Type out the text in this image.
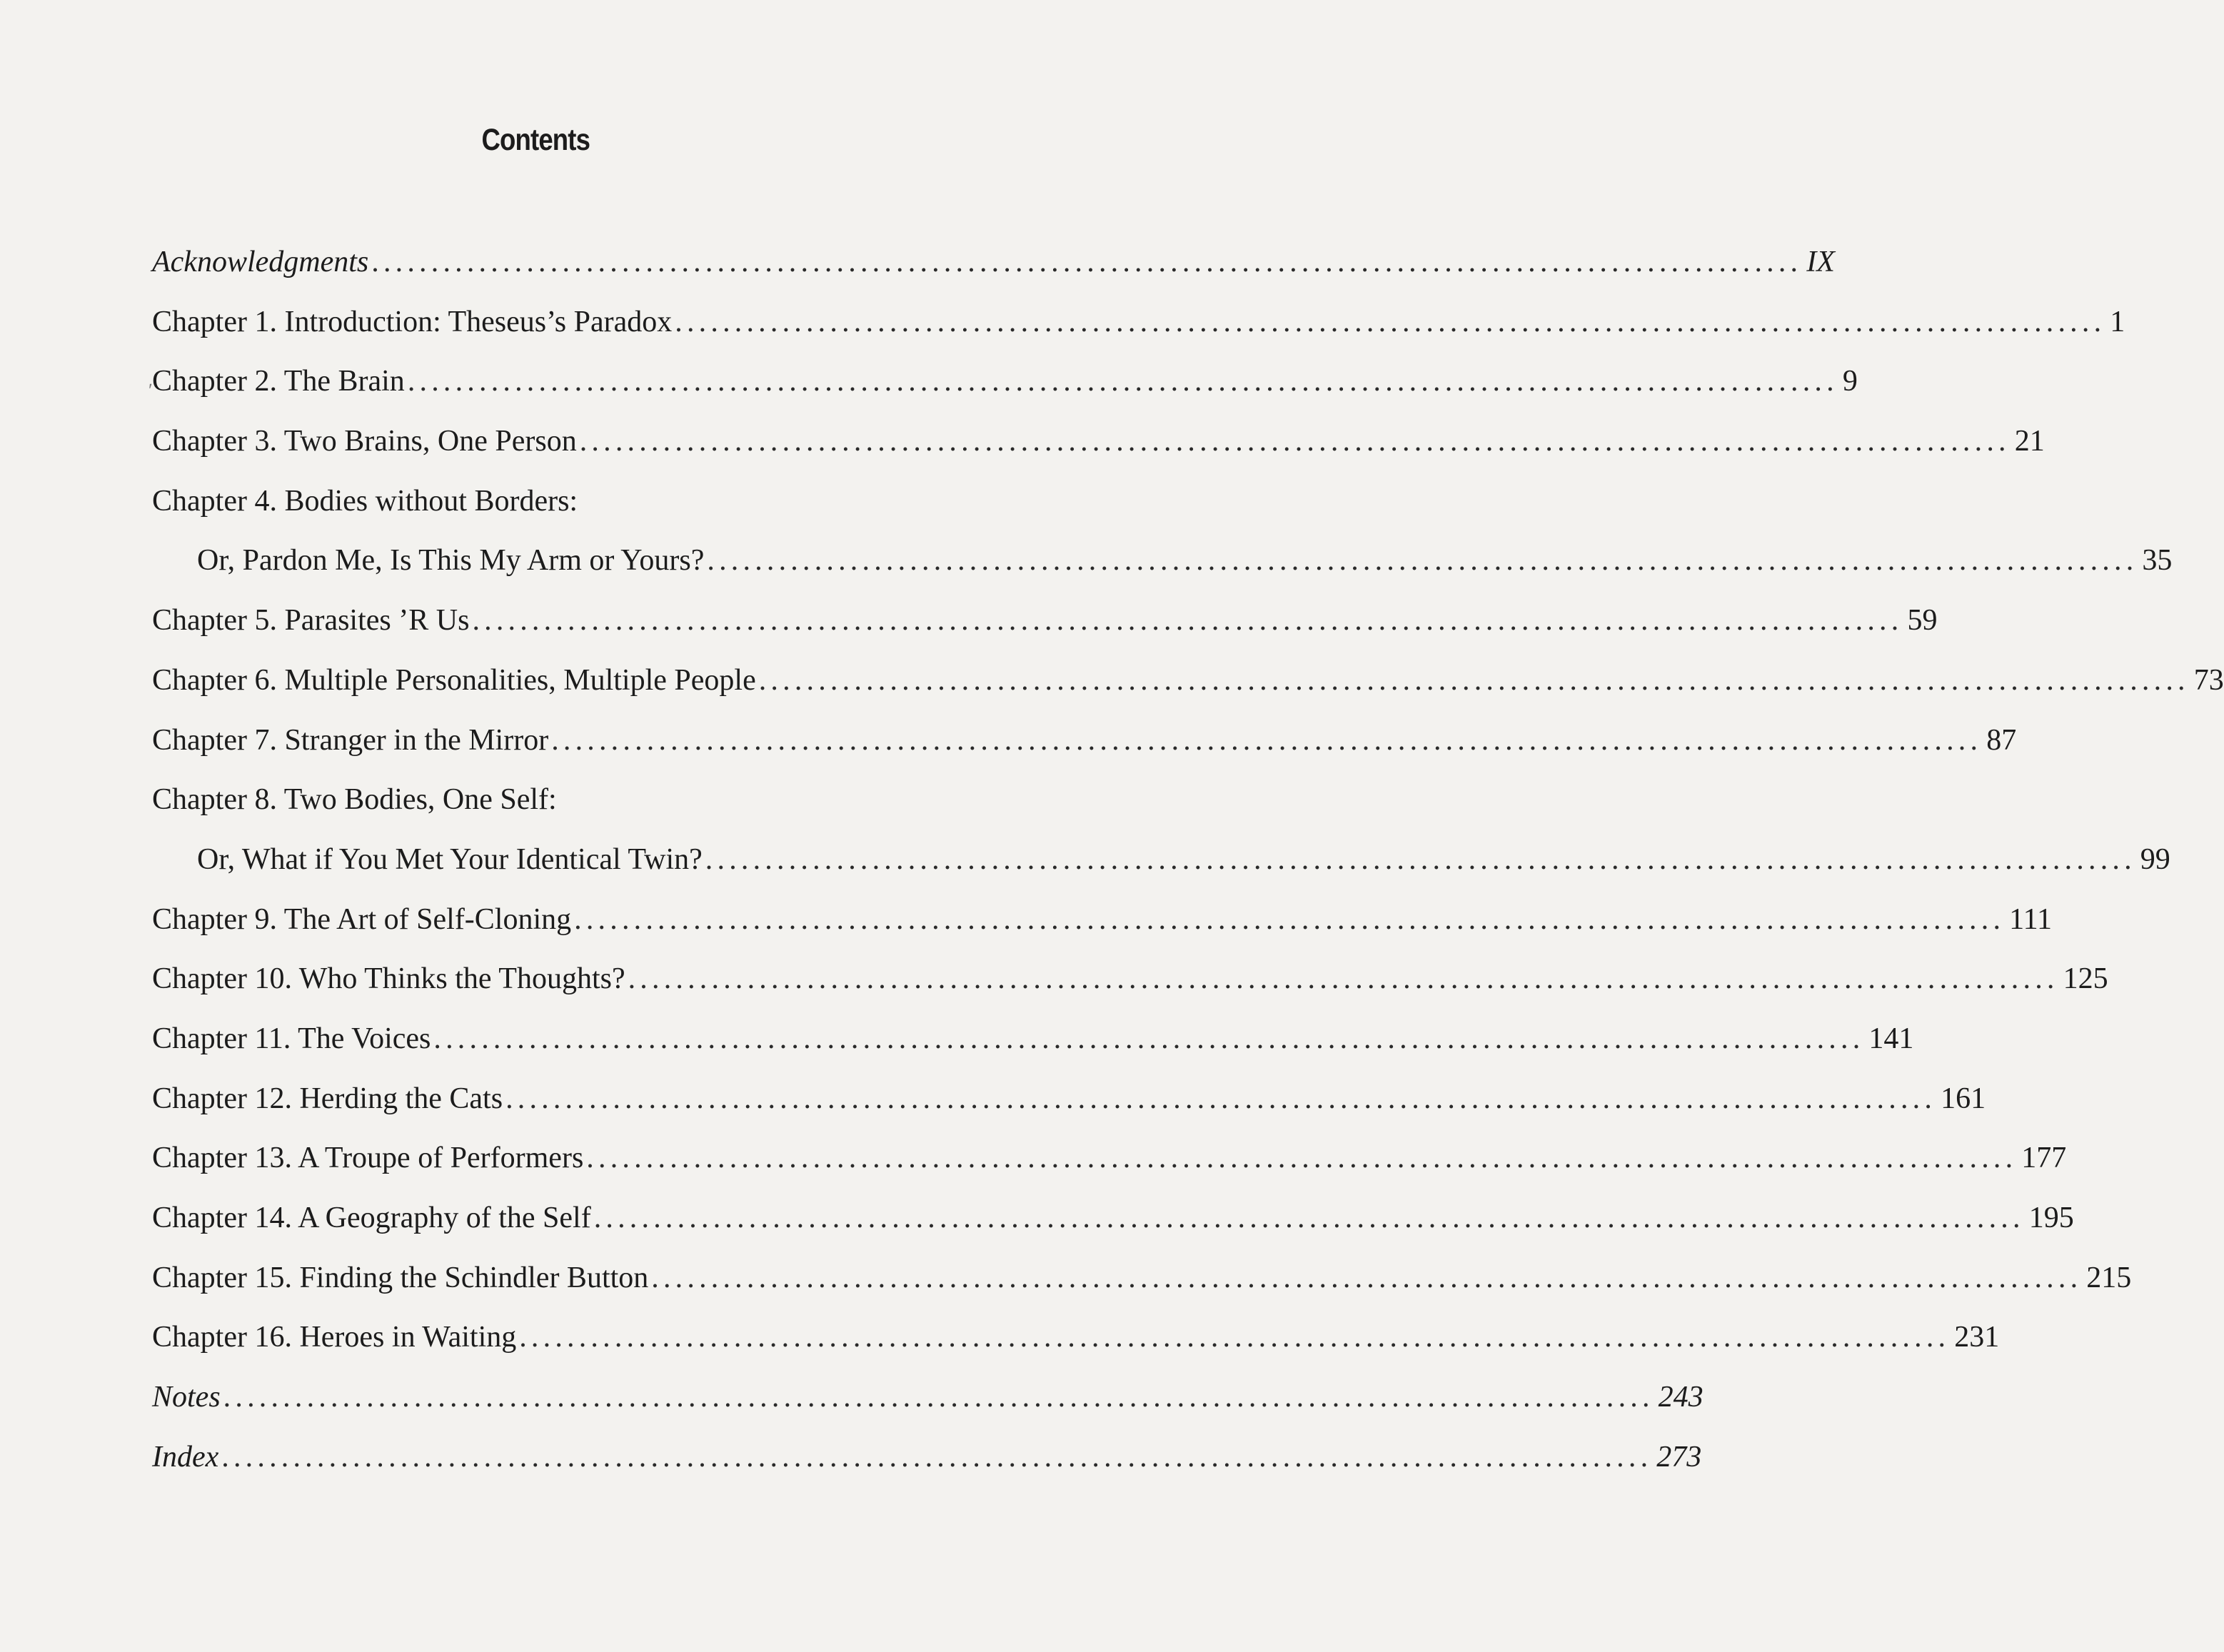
Contents
ʹ
Acknowledgments ........................................................................................................................ IX
Chapter 1. Introduction: Theseus’s Paradox ........................................................................................................................ 1
Chapter 2. The Brain ........................................................................................................................ 9
Chapter 3. Two Brains, One Person ........................................................................................................................ 21
Chapter 4. Bodies without Borders:
Or, Pardon Me, Is This My Arm or Yours? ........................................................................................................................ 35
Chapter 5. Parasites ’R Us ........................................................................................................................ 59
Chapter 6. Multiple Personalities, Multiple People ........................................................................................................................ 73
Chapter 7. Stranger in the Mirror ........................................................................................................................ 87
Chapter 8. Two Bodies, One Self:
Or, What if You Met Your Identical Twin? ........................................................................................................................ 99
Chapter 9. The Art of Self-Cloning ........................................................................................................................ 111
Chapter 10. Who Thinks the Thoughts? ........................................................................................................................ 125
Chapter 11. The Voices ........................................................................................................................ 141
Chapter 12. Herding the Cats ........................................................................................................................ 161
Chapter 13. A Troupe of Performers ........................................................................................................................ 177
Chapter 14. A Geography of the Self ........................................................................................................................ 195
Chapter 15. Finding the Schindler Button ........................................................................................................................ 215
Chapter 16. Heroes in Waiting ........................................................................................................................ 231
Notes ........................................................................................................................ 243
Index ........................................................................................................................ 273
